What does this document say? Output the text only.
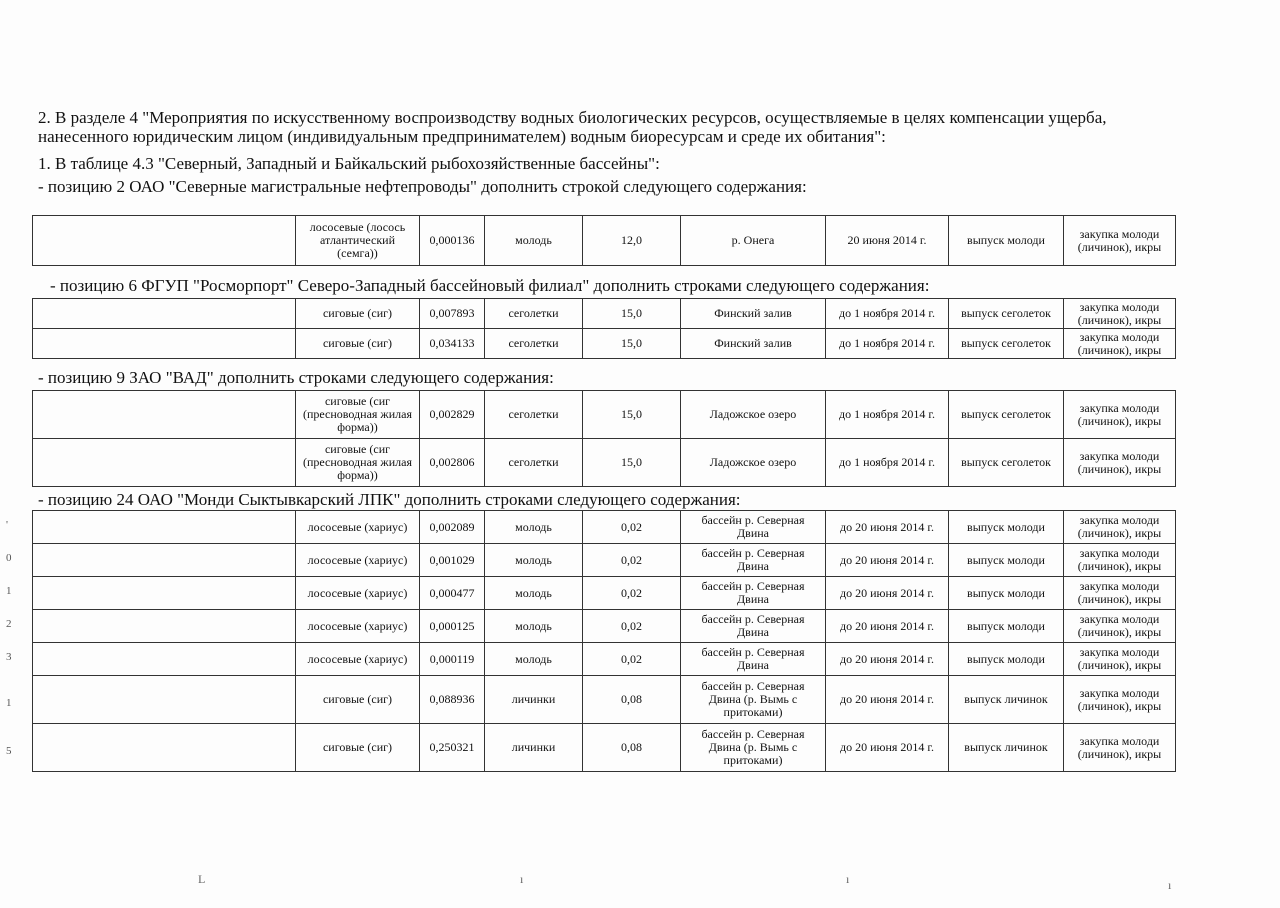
2. В разделе 4 "Мероприятия по искусственному воспроизводству водных биологических ресурсов, осуществляемые в целях компенсации ущерба,
нанесенного юридическим лицом (индивидуальным предпринимателем) водным биоресурсам и среде их обитания":
1. В таблице 4.3 "Северный, Западный и Байкальский рыбохозяйственные бассейны":
- позицию 2 ОАО "Северные магистральные нефтепроводы" дополнить строкой следующего содержания:
	лососевые (лосось атлантический (семга))	0,000136	молодь	12,0	р. Онега	20 июня 2014 г.	выпуск молоди	закупка молоди (личинок), икры
- позицию 6 ФГУП "Росморпорт" Северо-Западный бассейновый филиал" дополнить строками следующего содержания:
	сиговые (сиг)	0,007893	сеголетки	15,0	Финский залив	до 1 ноября 2014 г.	выпуск сеголеток	закупка молоди (личинок), икры
	сиговые (сиг)	0,034133	сеголетки	15,0	Финский залив	до 1 ноября 2014 г.	выпуск сеголеток	закупка молоди (личинок), икры
- позицию 9 ЗАО "ВАД" дополнить строками следующего содержания:
	сиговые (сиг (пресноводная жилая форма))	0,002829	сеголетки	15,0	Ладожское озеро	до 1 ноября 2014 г.	выпуск сеголеток	закупка молоди (личинок), икры
	сиговые (сиг (пресноводная жилая форма))	0,002806	сеголетки	15,0	Ладожское озеро	до 1 ноября 2014 г.	выпуск сеголеток	закупка молоди (личинок), икры
- позицию 24 ОАО "Монди Сыктывкарский ЛПК" дополнить строками следующего содержания:
	лососевые (хариус)	0,002089	молодь	0,02	бассейн р. Северная Двина	до 20 июня 2014 г.	выпуск молоди	закупка молоди (личинок), икры
	лососевые (хариус)	0,001029	молодь	0,02	бассейн р. Северная Двина	до 20 июня 2014 г.	выпуск молоди	закупка молоди (личинок), икры
	лососевые (хариус)	0,000477	молодь	0,02	бассейн р. Северная Двина	до 20 июня 2014 г.	выпуск молоди	закупка молоди (личинок), икры
	лососевые (хариус)	0,000125	молодь	0,02	бассейн р. Северная Двина	до 20 июня 2014 г.	выпуск молоди	закупка молоди (личинок), икры
	лососевые (хариус)	0,000119	молодь	0,02	бассейн р. Северная Двина	до 20 июня 2014 г.	выпуск молоди	закупка молоди (личинок), икры
	сиговые (сиг)	0,088936	личинки	0,08	бассейн р. Северная Двина (р. Вымь с притоками)	до 20 июня 2014 г.	выпуск личинок	закупка молоди (личинок), икры
	сиговые (сиг)	0,250321	личинки	0,08	бассейн р. Северная Двина (р. Вымь с притоками)	до 20 июня 2014 г.	выпуск личинок	закупка молоди (личинок), икры
'
0
1
2
3
1
5
L	ı	ı	ı
